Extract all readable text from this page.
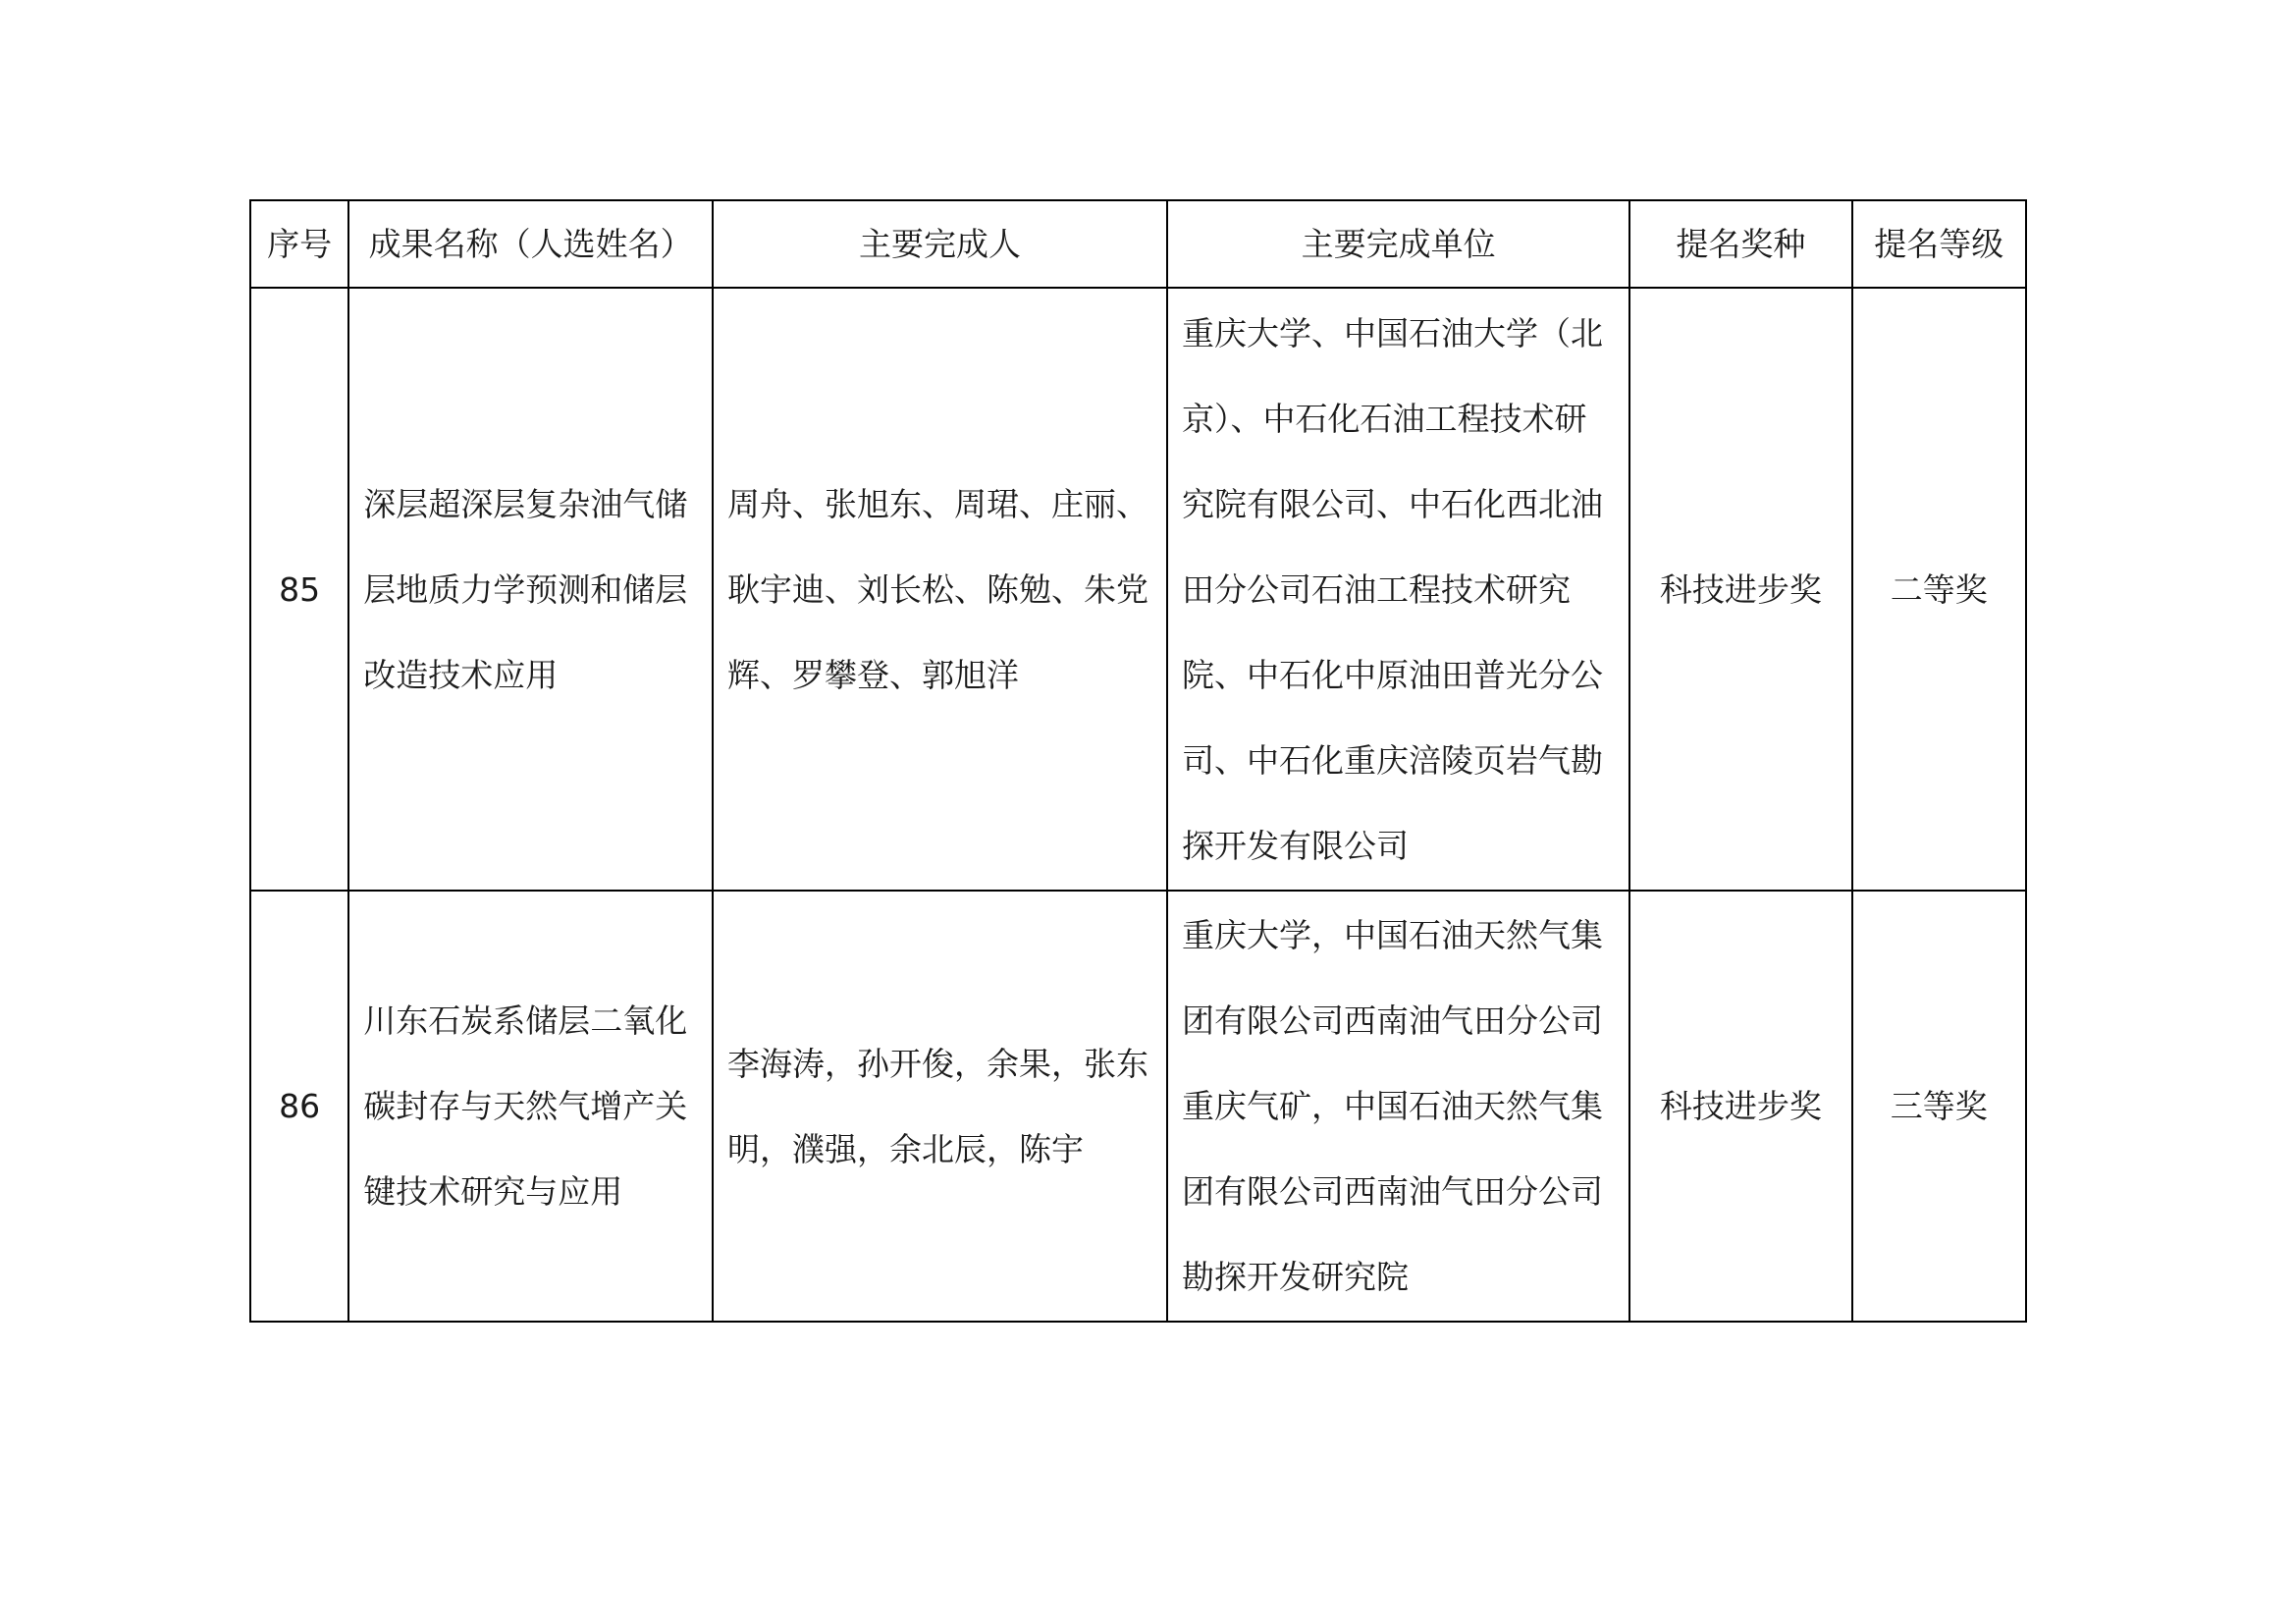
序号	成果名称（人选姓名）	主要完成人	主要完成单位	提名奖种	提名等级
85	深层超深层复杂油气储层地质力学预测和储层改造技术应用	周舟、张旭东、周珺、庄丽、耿宇迪、刘长松、陈勉、朱党辉、罗攀登、郭旭洋	重庆大学、中国石油大学（北京）、中石化石油工程技术研究院有限公司、中石化西北油田分公司石油工程技术研究院、中石化中原油田普光分公司、中石化重庆涪陵页岩气勘探开发有限公司	科技进步奖	二等奖
86	川东石炭系储层二氧化碳封存与天然气增产关键技术研究与应用	李海涛，孙开俊，余果，张东明，濮强，余北辰，陈宇	重庆大学，中国石油天然气集团有限公司西南油气田分公司重庆气矿，中国石油天然气集团有限公司西南油气田分公司勘探开发研究院	科技进步奖	三等奖
